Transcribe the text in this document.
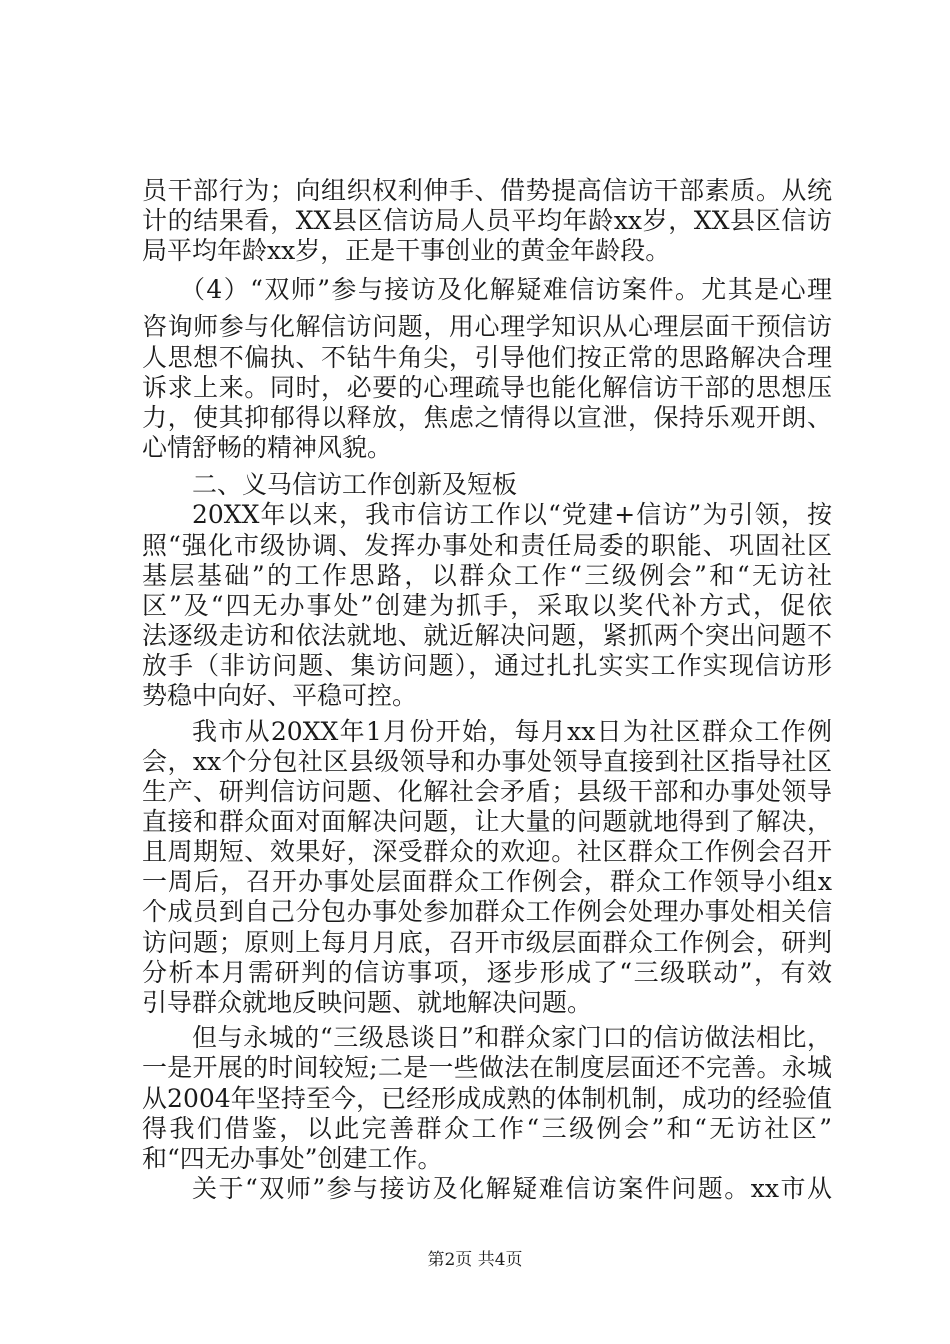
员干部行为；向组织权利伸手、借势提高信访干部素质。从统
计的结果看，XX县区信访局人员平均年龄xx岁，XX县区信访
局平均年龄xx岁，正是干事创业的黄金年龄段。
（4）“双师”参与接访及化解疑难信访案件。尤其是心理
咨询师参与化解信访问题，用心理学知识从心理层面干预信访
人思想不偏执、不钻牛角尖，引导他们按正常的思路解决合理
诉求上来。同时，必要的心理疏导也能化解信访干部的思想压
力，使其抑郁得以释放，焦虑之情得以宣泄，保持乐观开朗、
心情舒畅的精神风貌。
二、义马信访工作创新及短板
20XX年以来，我市信访工作以“党建+信访”为引领，按
照“强化市级协调、发挥办事处和责任局委的职能、巩固社区
基层基础”的工作思路，以群众工作“三级例会”和“无访社
区”及“四无办事处”创建为抓手，采取以奖代补方式，促依
法逐级走访和依法就地、就近解决问题，紧抓两个突出问题不
放手（非访问题、集访问题），通过扎扎实实工作实现信访形
势稳中向好、平稳可控。
我市从20XX年1月份开始，每月xx日为社区群众工作例
会，xx个分包社区县级领导和办事处领导直接到社区指导社区
生产、研判信访问题、化解社会矛盾；县级干部和办事处领导
直接和群众面对面解决问题，让大量的问题就地得到了解决，
且周期短、效果好，深受群众的欢迎。社区群众工作例会召开
一周后，召开办事处层面群众工作例会，群众工作领导小组x
个成员到自己分包办事处参加群众工作例会处理办事处相关信
访问题；原则上每月月底，召开市级层面群众工作例会，研判
分析本月需研判的信访事项，逐步形成了“三级联动”，有效
引导群众就地反映问题、就地解决问题。
但与永城的“三级恳谈日”和群众家门口的信访做法相比，
一是开展的时间较短;二是一些做法在制度层面还不完善。永城
从2004年坚持至今，已经形成成熟的体制机制，成功的经验值
得我们借鉴，以此完善群众工作“三级例会”和“无访社区”
和“四无办事处”创建工作。
关于“双师”参与接访及化解疑难信访案件问题。xx市从
第2页 共4页
